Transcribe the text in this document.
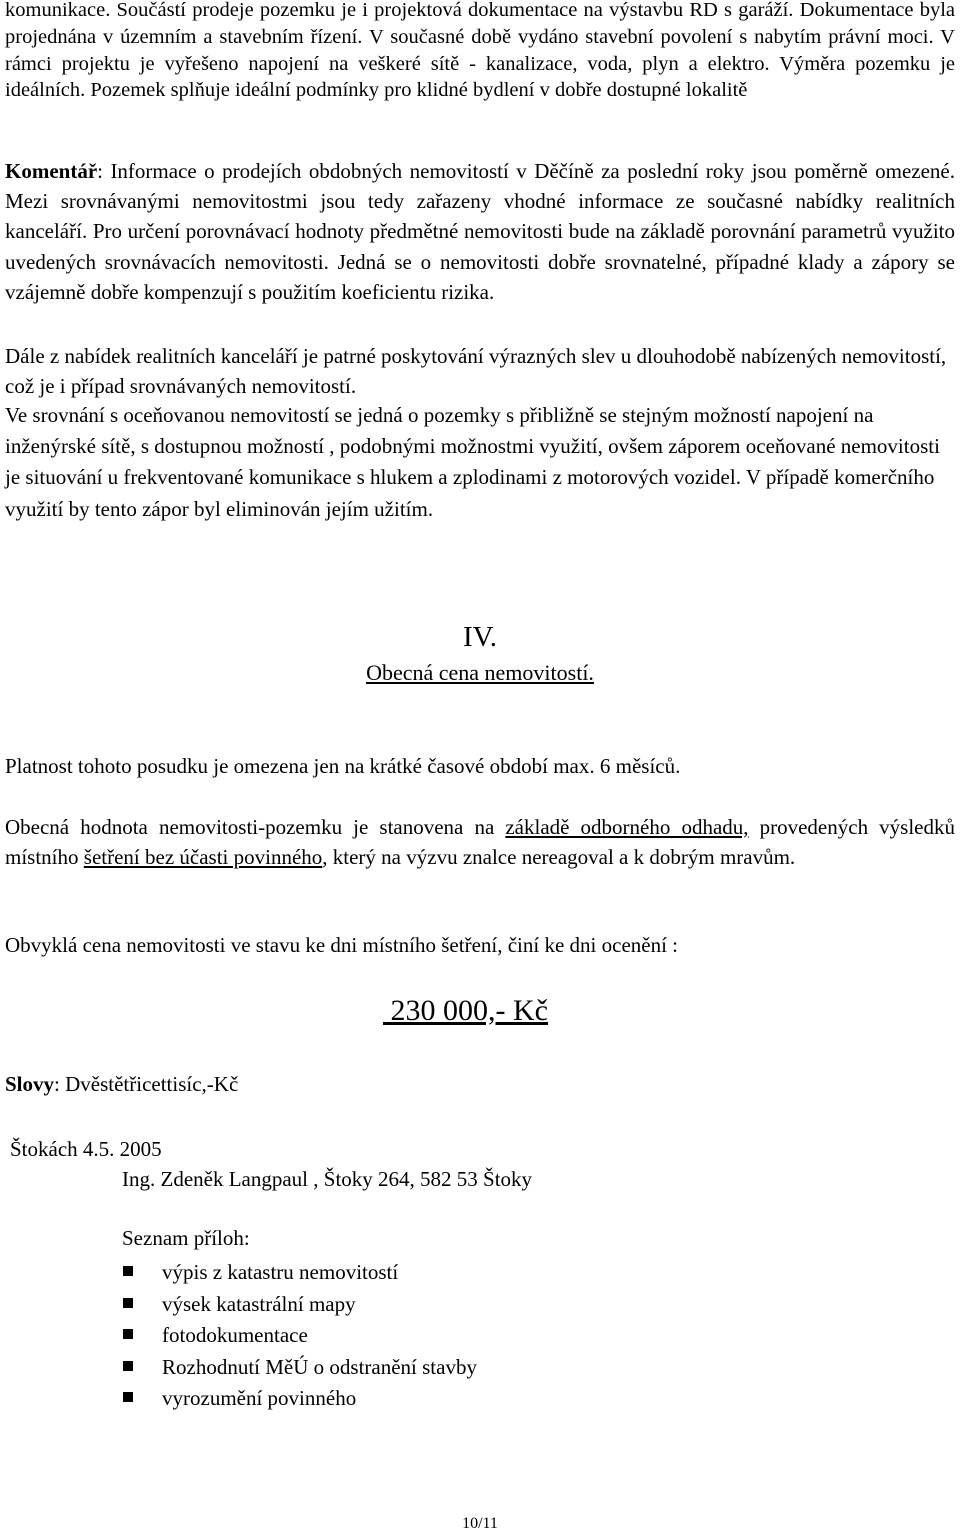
komunikace. Součástí prodeje pozemku je i projektová dokumentace na výstavbu RD s garáží. Dokumentace byla projednána v územním a stavebním řízení. V současné době vydáno stavební povolení s nabytím právní moci. V rámci projektu je vyřešeno napojení na veškeré sítě - kanalizace, voda, plyn a elektro. Výměra pozemku je ideálních. Pozemek splňuje ideální podmínky pro klidné bydlení v dobře dostupné lokalitě

Komentář: Informace o prodejích obdobných nemovitostí v Děčíně za poslední roky jsou poměrně omezené. Mezi srovnávanými nemovitostmi jsou tedy zařazeny vhodné informace ze současné nabídky realitních kanceláří. Pro určení porovnávací hodnoty předmětné nemovitosti bude na základě porovnání parametrů využito uvedených srovnávacích nemovitosti. Jedná se o nemovitosti dobře srovnatelné, případné klady a zápory se vzájemně dobře kompenzují s použitím koeficientu rizika.

Dále z nabídek realitních kanceláří je patrné poskytování výrazných slev u dlouhodobě nabízených nemovitostí, což je i případ srovnávaných nemovitostí.

Ve srovnání s oceňovanou nemovitostí se jedná o pozemky s přibližně se stejným možností napojení na inženýrské sítě, s dostupnou možností , podobnými možnostmi využití, ovšem záporem oceňované nemovitosti je situování u frekventované komunikace s hlukem a zplodinami z motorových vozidel. V případě komerčního využití by tento zápor byl eliminován jejím užitím.

IV.
Obecná cena nemovitostí.

Platnost tohoto posudku je omezena jen na krátké časové období max. 6 měsíců.

Obecná hodnota nemovitosti-pozemku je stanovena na základě odborného odhadu, provedených výsledků místního šetření bez účasti povinného, který na výzvu znalce nereagoval a k dobrým mravům.

Obvyklá cena nemovitosti ve stavu ke dni místního šetření, činí ke dni ocenění :

230 000,- Kč
Slovy: Dvěstětřicettisíc,-Kč
Štokách 4.5. 2005
Ing. Zdeněk Langpaul , Štoky 264, 582 53 Štoky
Seznam příloh:
výpis z katastru nemovitostí
výsek katastrální mapy
fotodokumentace
Rozhodnutí MěÚ o odstranění stavby
vyrozumění povinného
10/11
